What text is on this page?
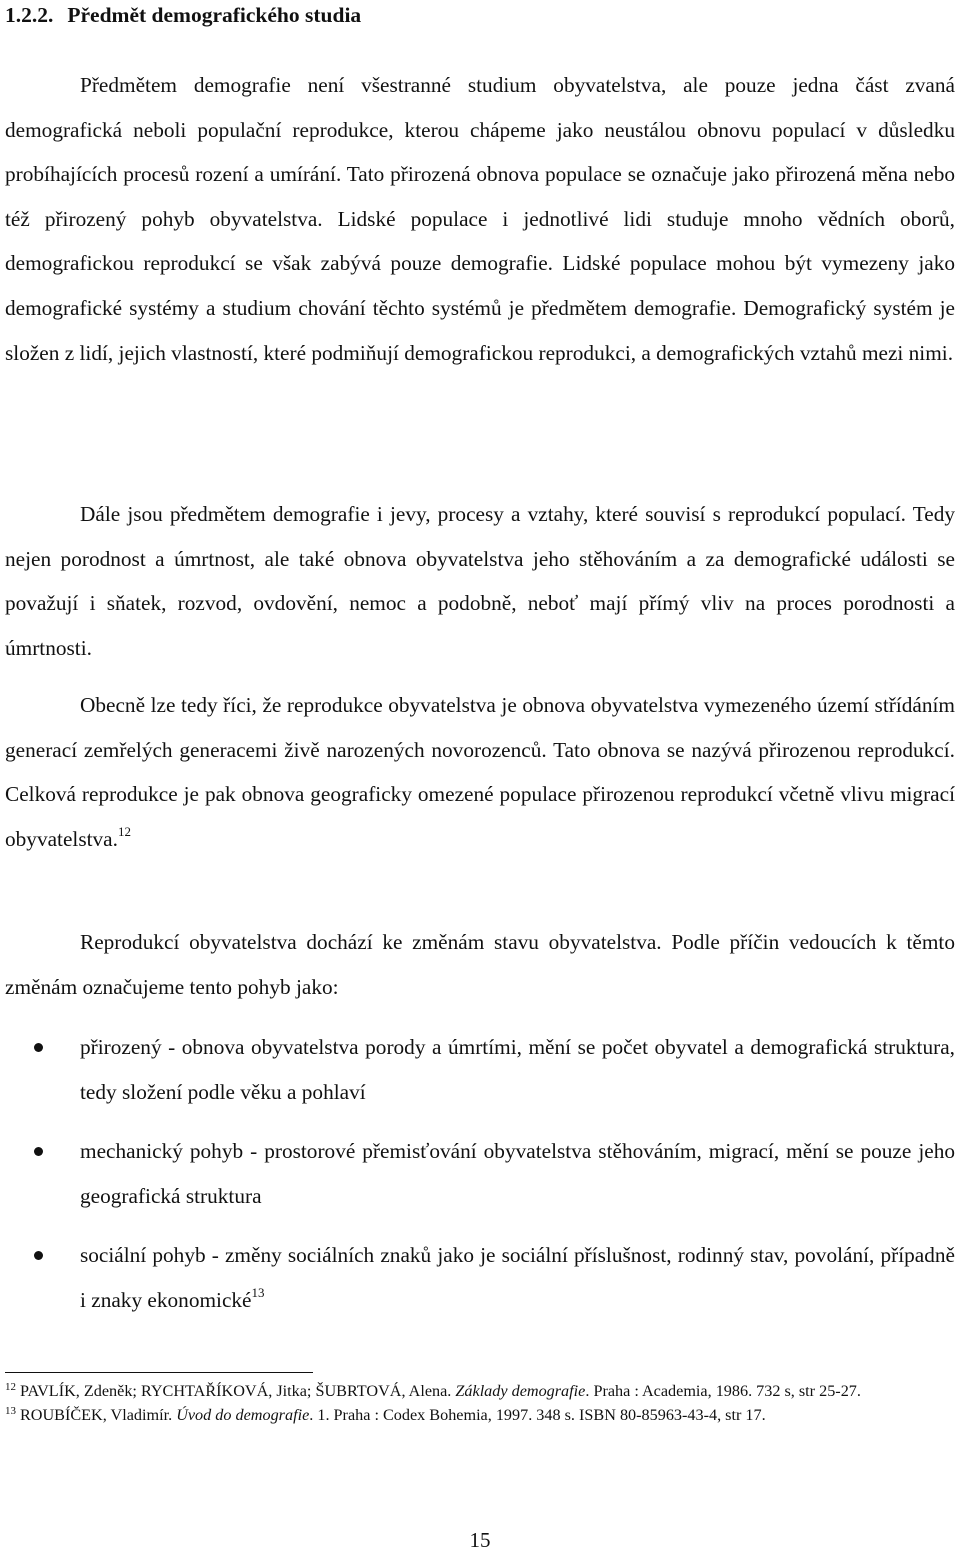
1.2.2. Předmět demografického studia

Předmětem demografie není všestranné studium obyvatelstva, ale pouze jedna část zvaná demografická neboli populační reprodukce, kterou chápeme jako neustálou obnovu populací v důsledku probíhajících procesů rození a umírání. Tato přirozená obnova populace se označuje jako přirozená měna nebo též přirozený pohyb obyvatelstva. Lidské populace i jednotlivé lidi studuje mnoho vědních oborů, demografickou reprodukcí se však zabývá pouze demografie. Lidské populace mohou být vymezeny jako demografické systémy a studium chování těchto systémů je předmětem demografie. Demografický systém je složen z lidí, jejich vlastností, které podmiňují demografickou reprodukci, a demografických vztahů mezi nimi.

Dále jsou předmětem demografie i jevy, procesy a vztahy, které souvisí s reprodukcí populací. Tedy nejen porodnost a úmrtnost, ale také obnova obyvatelstva jeho stěhováním a za demografické události se považují i sňatek, rozvod, ovdovění, nemoc a podobně, neboť mají přímý vliv na proces porodnosti a úmrtnosti.

Obecně lze tedy říci, že reprodukce obyvatelstva je obnova obyvatelstva vymezeného území střídáním generací zemřelých generacemi živě narozených novorozenců. Tato obnova se nazývá přirozenou reprodukcí. Celková reprodukce je pak obnova geograficky omezené populace přirozenou reprodukcí včetně vlivu migrací obyvatelstva.$^{12}$

Reprodukcí obyvatelstva dochází ke změnám stavu obyvatelstva. Podle příčin vedoucích k těmto změnám označujeme tento pohyb jako:

přirozený - obnova obyvatelstva porody a úmrtími, mění se počet obyvatel a demografická struktura, tedy složení podle věku a pohlaví
mechanický pohyb - prostorové přemisťování obyvatelstva stěhováním, migrací, mění se pouze jeho geografická struktura
sociální pohyb - změny sociálních znaků jako je sociální příslušnost, rodinný stav, povolání, případně i znaky ekonomické$^{13}$

$^{12}$ PAVLÍK, Zdeněk; RYCHTAŘÍKOVÁ, Jitka; ŠUBRTOVÁ, Alena. Základy demografie. Praha : Academia, 1986. 732 s, str 25-27.

$^{13}$ ROUBÍČEK, Vladimír. Úvod do demografie. 1. Praha : Codex Bohemia, 1997. 348 s. ISBN 80-85963-43-4, str 17.

15
